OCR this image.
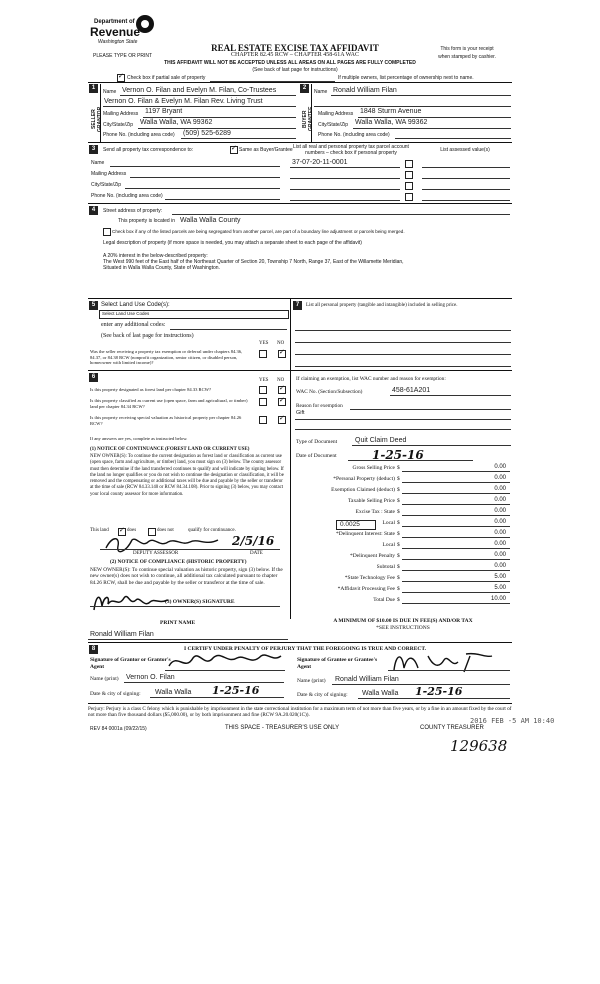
Department of
Revenue
Washington State
REAL ESTATE EXCISE TAX AFFIDAVIT
CHAPTER 82.45 RCW – CHAPTER 458-61A WAC
PLEASE TYPE OR PRINT
This form is your receipt
when stamped by cashier.
THIS AFFIDAVIT WILL NOT BE ACCEPTED UNLESS ALL AREAS ON ALL PAGES ARE FULLY COMPLETED
(See back of last page for instructions)
✓
Check box if partial sale of property	If multiple owners, list percentage of ownership next to name.
1
SELLER
Name Vernon O. Filan and Evelyn M. Filan, Co-Trustees
Vernon O. Filan & Evelyn M. Filan Rev. Living Trust
Mailing Address 1197 Bryant
City/State/Zip Walla Walla, WA 99362
Phone No. (including area code) (509) 525-6289
2
BUYER
Name Ronald William Filan
Mailing Address 1848 Sturm Avenue
City/State/Zip Walla Walla, WA 99362
Phone No. (including area code)
3	Send all property tax correspondence to: ✓	Same as Buyer/Grantee
Name
Mailing Address
City/State/Zip
Phone No. (including area code)
List all real and personal property tax parcel account numbers – check box if personal property	List assessed value(s)
37-07-20-11-0001
4	Street address of property:
This property is located in Walla Walla County
Check box if any of the listed parcels are being segregated from another parcel, are part of a boundary line adjustment or parcels being merged.
Legal description of property (if more space is needed, you may attach a separate sheet to each page of the affidavit)
A 20% interest in the below-described property:
The West 990 feet of the East half of the Northeast Quarter of Section 20, Township 7 North, Range 37, East of the Willamette Meridian,
Situated in Walla Walla County, State of Washington.
5 Select Land Use Code(s):
Select Land Use Codes
enter any additional codes:
(See back of last page for instructions)
YES NO
Was the seller receiving a property tax exemption or deferral under chapters 84.36, 84.37, or 84.38 RCW (nonprofit organization, senior citizen, or disabled person, homeowner with limited income)?
✓
7	List all personal property (tangible and intangible) included in selling price.
6
YES NO
Is this property designated as forest land per chapter 84.33 RCW?
✓
Is this property classified as current use (open space, farm and agricultural, or timber) land per chapter 84.34 RCW?
✓
Is this property receiving special valuation as historical property per chapter 84.26 RCW?
✓
If any answers are yes, complete as instructed below.
(1) NOTICE OF CONTINUANCE (FOREST LAND OR CURRENT USE)
NEW OWNER(S): To continue the current designation as forest land or classification as current use (open space, farm and agriculture, or timber) land, you must sign on (3) below. The county assessor must then determine if the land transferred continues to qualify and will indicate by signing below. If the land no longer qualifies or you do not wish to continue the designation or classification, it will be removed and the compensating or additional taxes will be due and payable by the seller or transferor at the time of sale (RCW 84.33.140 or RCW 84.34.108). Prior to signing (3) below, you may contact your local county assessor for more information.
This land ✓	does	does not	qualify for continuance.
2/5/16
DEPUTY ASSESSOR	DATE
(2) NOTICE OF COMPLIANCE (HISTORIC PROPERTY)
NEW OWNER(S): To continue special valuation as historic property, sign (3) below. If the new owner(s) does not wish to continue, all additional tax calculated pursuant to chapter 84.26 RCW, shall be due and payable by the seller or transferor at the time of sale.
(3) OWNER(S) SIGNATURE
PRINT NAME
Ronald William Filan
If claiming an exemption, list WAC number and reason for exemption:
WAC No. (Section/Subsection)	458-61A201
Reason for exemption
Gift
Type of Document	Quit Claim Deed
Date of Document	1-25-16
Gross Selling Price $	0.00
*Personal Property (deduct) $	0.00
Exemption Claimed (deduct) $	0.00
Taxable Selling Price $	0.00
Excise Tax : State $	0.00
Local $	0.00
*Delinquent Interest: State $	0.00
Local $	0.00
*Delinquent Penalty $	0.00
Subtotal $	0.00
*State Technology Fee $	5.00
*Affidavit Processing Fee $	5.00
Total Due $	10.00
0.0025
A MINIMUM OF $10.00 IS DUE IN FEE(S) AND/OR TAX
*SEE INSTRUCTIONS
8	I CERTIFY UNDER PENALTY OF PERJURY THAT THE FOREGOING IS TRUE AND CORRECT.
Signature of Grantor or Grantor's Agent
Signature of Grantee or Grantee's Agent
Name (print) Vernon O. Filan	Name (print) Ronald William Filan
Date & city of signing: Walla Walla 1-25-16	Date & city of signing: Walla Walla 1-25-16
Perjury: Perjury is a class C felony which is punishable by imprisonment in the state correctional institution for a maximum term of not more than five years, or by a fine in an amount fixed by the court of not more than five thousand dollars ($5,000.00), or by both imprisonment and fine (RCW 9A.20.020(1C)).
REV 84 0001a (09/22/15)	THIS SPACE - TREASURER'S USE ONLY	COUNTY TREASURER
2016 FEB -5 AM 10:40
129638
